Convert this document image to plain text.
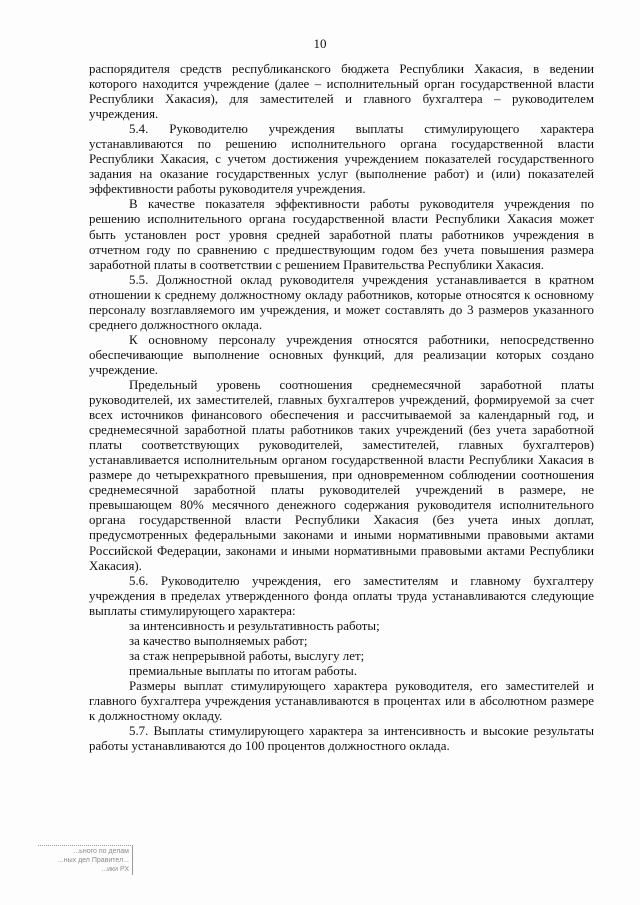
10

распорядителя средств республиканского бюджета Республики Хакасия, в ведении которого находится учреждение (далее – исполнительный орган государственной власти Республики Хакасия), для заместителей и главного бухгалтера – руководителем учреждения.

5.4. Руководителю учреждения выплаты стимулирующего характера устанавливаются по решению исполнительного органа государственной власти Республики Хакасия, с учетом достижения учреждением показателей государственного задания на оказание государственных услуг (выполнение работ) и (или) показателей эффективности работы руководителя учреждения.

В качестве показателя эффективности работы руководителя учреждения по решению исполнительного органа государственной власти Республики Хакасия может быть установлен рост уровня средней заработной платы работников учреждения в отчетном году по сравнению с предшествующим годом без учета повышения размера заработной платы в соответствии с решением Правительства Республики Хакасия.

5.5. Должностной оклад руководителя учреждения устанавливается в кратном отношении к среднему должностному окладу работников, которые относятся к основному персоналу возглавляемого им учреждения, и может составлять до 3 размеров указанного среднего должностного оклада.

К основному персоналу учреждения относятся работники, непосредственно обеспечивающие выполнение основных функций, для реализации которых создано учреждение.

Предельный уровень соотношения среднемесячной заработной платы руководителей, их заместителей, главных бухгалтеров учреждений, формируемой за счет всех источников финансового обеспечения и рассчитываемой за календарный год, и среднемесячной заработной платы работников таких учреждений (без учета заработной платы соответствующих руководителей, заместителей, главных бухгалтеров) устанавливается исполнительным органом государственной власти Республики Хакасия в размере до четырехкратного превышения, при одновременном соблюдении соотношения среднемесячной заработной платы руководителей учреждений в размере, не превышающем 80% месячного денежного содержания руководителя исполнительного органа государственной власти Республики Хакасия (без учета иных доплат, предусмотренных федеральными законами и иными нормативными правовыми актами Российской Федерации, законами и иными нормативными правовыми актами Республики Хакасия).

5.6. Руководителю учреждения, его заместителям и главному бухгалтеру учреждения в пределах утвержденного фонда оплаты труда устанавливаются следующие выплаты стимулирующего характера:

за интенсивность и результативность работы;

за качество выполняемых работ;

за стаж непрерывной работы, выслугу лет;

премиальные выплаты по итогам работы.

Размеры выплат стимулирующего характера руководителя, его заместителей и главного бухгалтера учреждения устанавливаются в процентах или в абсолютном размере к должностному окладу.

5.7. Выплаты стимулирующего характера за интенсивность и высокие результаты работы устанавливаются до 100 процентов должностного оклада.

...ьного по делам
...ных дел Правител...
...ики РХ
